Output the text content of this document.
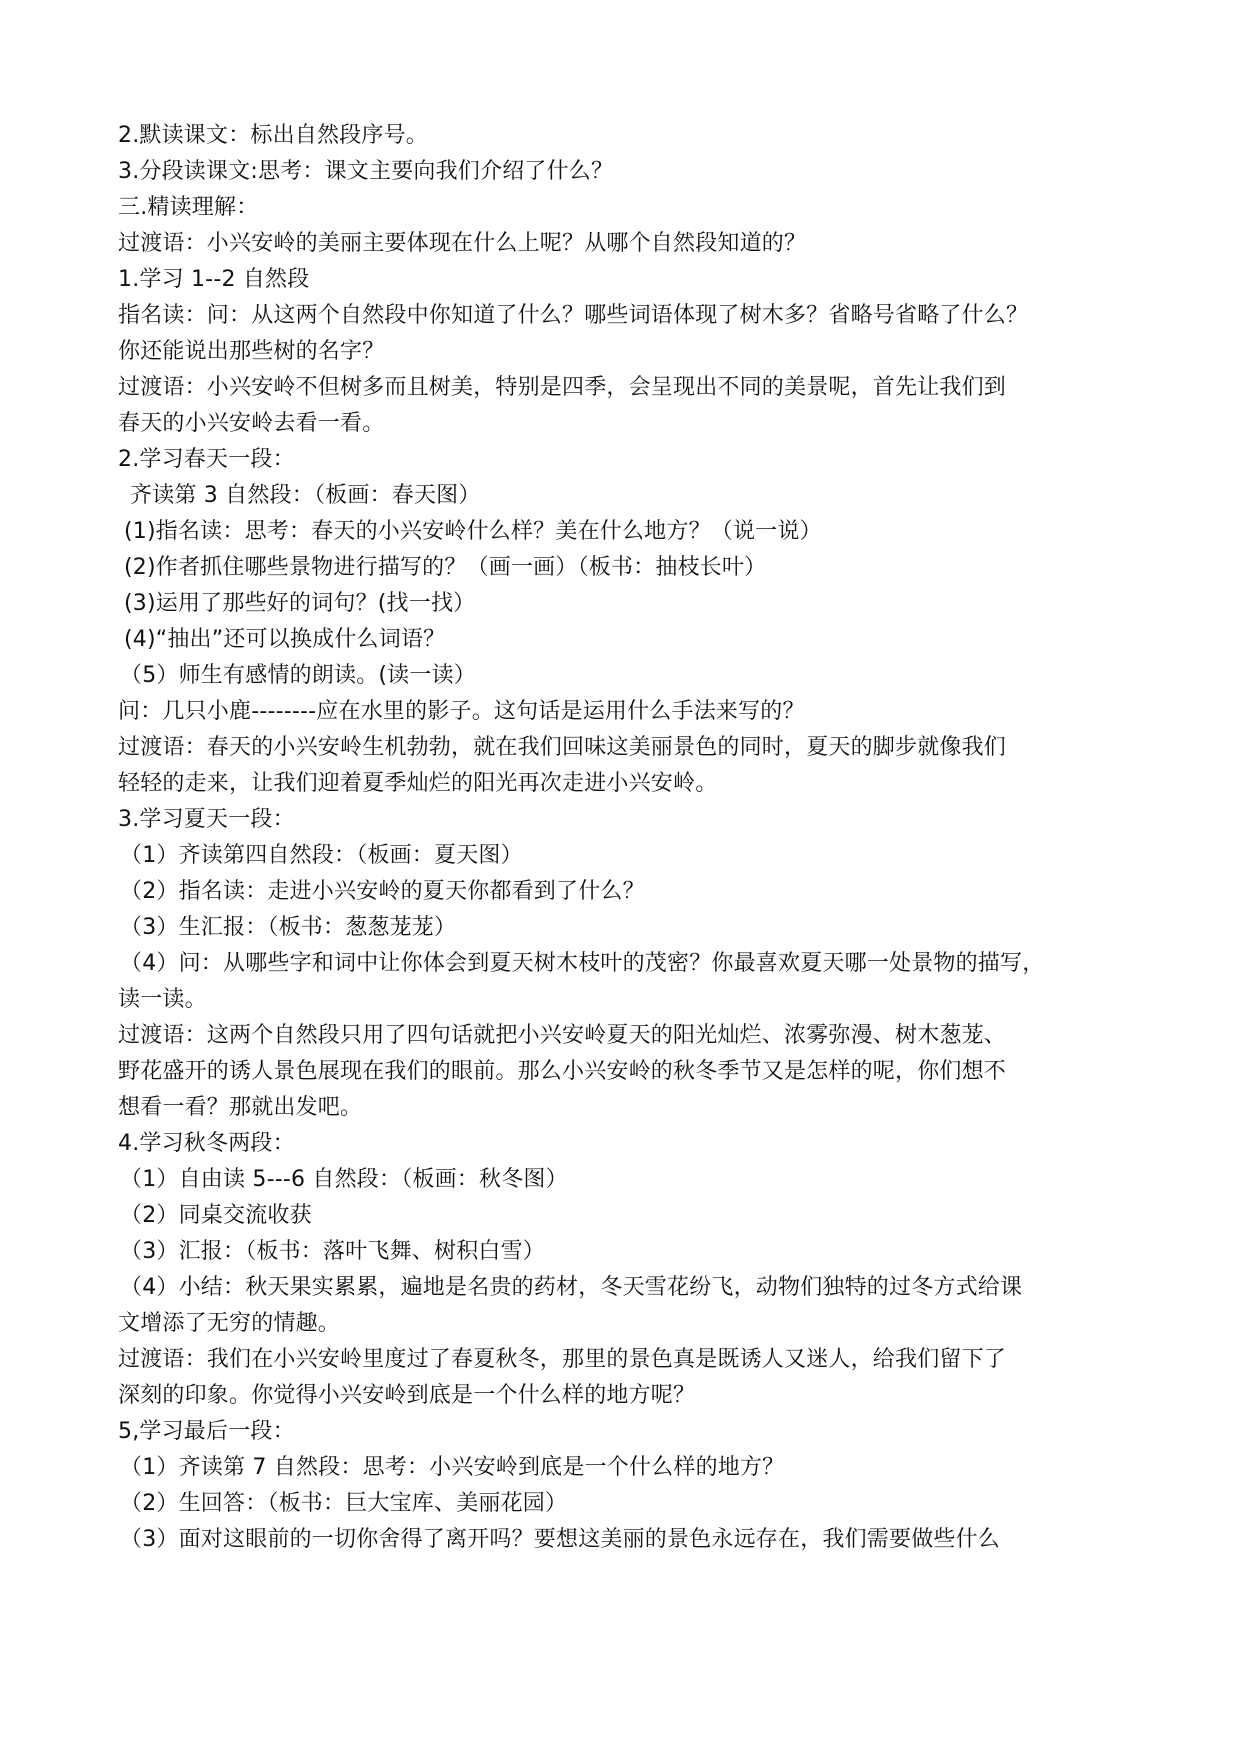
2.默读课文：标出自然段序号。
3.分段读课文:思考：课文主要向我们介绍了什么？
三.精读理解：
过渡语：小兴安岭的美丽主要体现在什么上呢？从哪个自然段知道的？
1.学习 1--2 自然段
指名读：问：从这两个自然段中你知道了什么？哪些词语体现了树木多？省略号省略了什么？
你还能说出那些树的名字？
过渡语：小兴安岭不但树多而且树美，特别是四季，会呈现出不同的美景呢，首先让我们到
春天的小兴安岭去看一看。
2.学习春天一段：
齐读第 3 自然段：（板画：春天图）
(1)指名读：思考：春天的小兴安岭什么样？美在什么地方？（说一说）
(2)作者抓住哪些景物进行描写的？（画一画）（板书：抽枝长叶）
(3)运用了那些好的词句？(找一找）
(4)“抽出”还可以换成什么词语？
（5）师生有感情的朗读。(读一读）
问：几只小鹿--------应在水里的影子。这句话是运用什么手法来写的？
过渡语：春天的小兴安岭生机勃勃，就在我们回味这美丽景色的同时，夏天的脚步就像我们
轻轻的走来，让我们迎着夏季灿烂的阳光再次走进小兴安岭。
3.学习夏天一段：
（1）齐读第四自然段：（板画：夏天图）
（2）指名读：走进小兴安岭的夏天你都看到了什么？
（3）生汇报：（板书：葱葱茏茏）
（4）问：从哪些字和词中让你体会到夏天树木枝叶的茂密？你最喜欢夏天哪一处景物的描写，
读一读。
过渡语：这两个自然段只用了四句话就把小兴安岭夏天的阳光灿烂、浓雾弥漫、树木葱茏、
野花盛开的诱人景色展现在我们的眼前。那么小兴安岭的秋冬季节又是怎样的呢，你们想不
想看一看？那就出发吧。
4.学习秋冬两段：
（1）自由读 5---6 自然段：（板画：秋冬图）
（2）同桌交流收获
（3）汇报：（板书：落叶飞舞、树积白雪）
（4）小结：秋天果实累累，遍地是名贵的药材，冬天雪花纷飞，动物们独特的过冬方式给课
文增添了无穷的情趣。
过渡语：我们在小兴安岭里度过了春夏秋冬，那里的景色真是既诱人又迷人，给我们留下了
深刻的印象。你觉得小兴安岭到底是一个什么样的地方呢？
5,学习最后一段：
（1）齐读第 7 自然段：思考：小兴安岭到底是一个什么样的地方？
（2）生回答：（板书：巨大宝库、美丽花园）
（3）面对这眼前的一切你舍得了离开吗？要想这美丽的景色永远存在，我们需要做些什么
